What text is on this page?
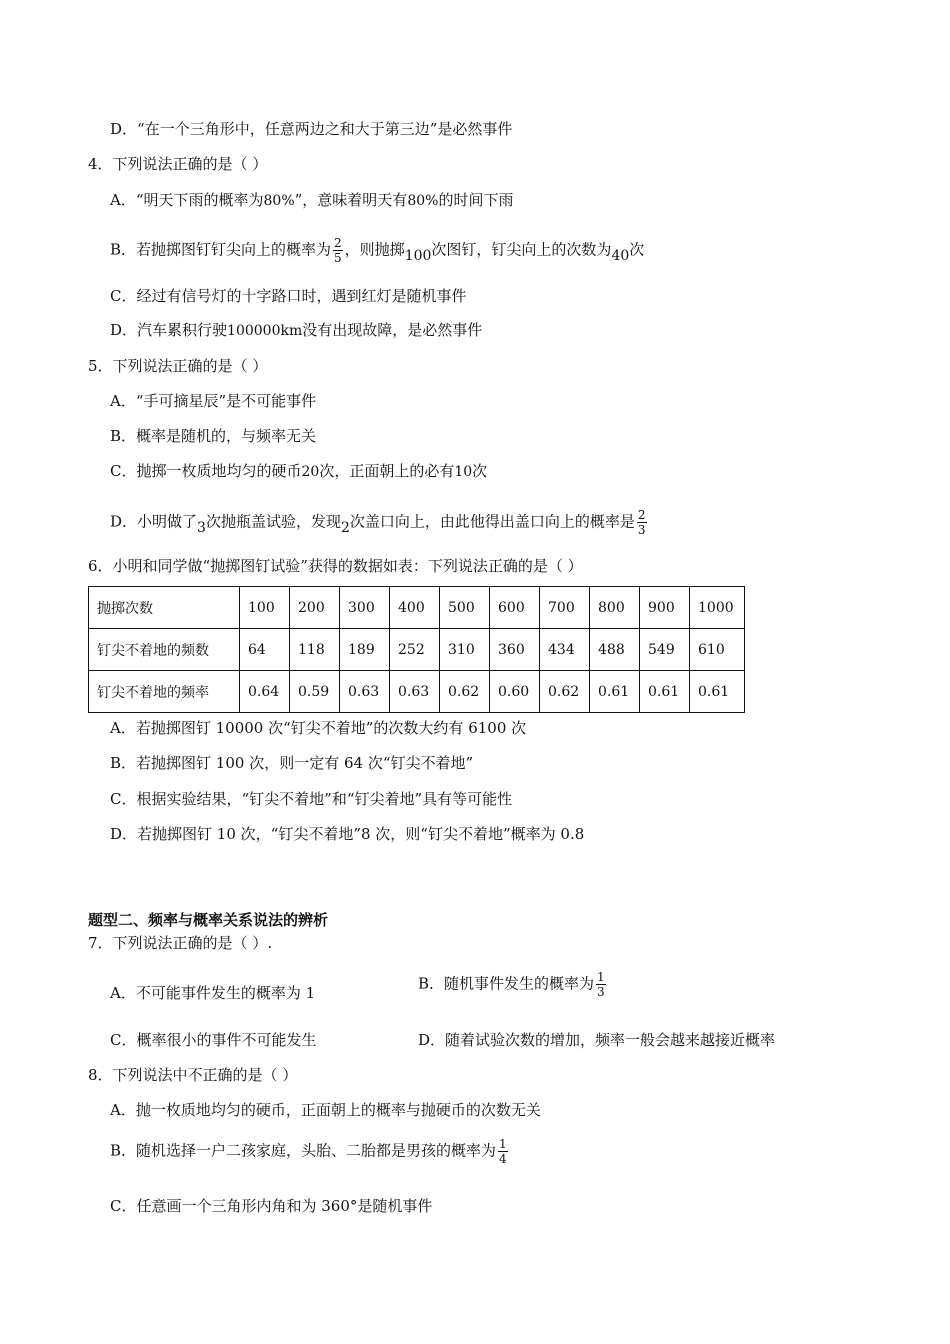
D．“在一个三角形中，任意两边之和大于第三边”是必然事件
4．下列说法正确的是（ ）
A．“明天下雨的概率为80%”，意味着明天有80%的时间下雨
B．若抛掷图钉钉尖向上的概率为 $\frac{2}{5}$ ，则抛掷100次图钉，钉尖向上的次数为40次
C．经过有信号灯的十字路口时，遇到红灯是随机事件
D．汽车累积行驶100000km没有出现故障，是必然事件
5．下列说法正确的是（ ）
A．“手可摘星辰”是不可能事件
B．概率是随机的，与频率无关
C．抛掷一枚质地均匀的硬币20次，正面朝上的必有10次
D．小明做了3次抛瓶盖试验，发现2次盖口向上，由此他得出盖口向上的概率是 $\frac{2}{3}$
6．小明和同学做“抛掷图钉试验”获得的数据如表：下列说法正确的是（ ）
抛掷次数	100	200	300	400	500	600	700	800	900	1000
钉尖不着地的频数	64	118	189	252	310	360	434	488	549	610
钉尖不着地的频率	0.64	0.59	0.63	0.63	0.62	0.60	0.62	0.61	0.61	0.61
A．若抛掷图钉 10000 次“钉尖不着地”的次数大约有 6100 次
B．若抛掷图钉 100 次，则一定有 64 次“钉尖不着地”
C．根据实验结果，“钉尖不着地”和“钉尖着地”具有等可能性
D．若抛掷图钉 10 次，“钉尖不着地”8 次，则“钉尖不着地”概率为 0.8
题型二、频率与概率关系说法的辨析
7．下列说法正确的是（ ）.
A．不可能事件发生的概率为 1
B．随机事件发生的概率为 $\frac{1}{3}$
C．概率很小的事件不可能发生	D．随着试验次数的增加，频率一般会越来越接近概率
8．下列说法中不正确的是（ ）
A．抛一枚质地均匀的硬币，正面朝上的概率与抛硬币的次数无关
B．随机选择一户二孩家庭，头胎、二胎都是男孩的概率为 $\frac{1}{4}$
C．任意画一个三角形内角和为 360°是随机事件
